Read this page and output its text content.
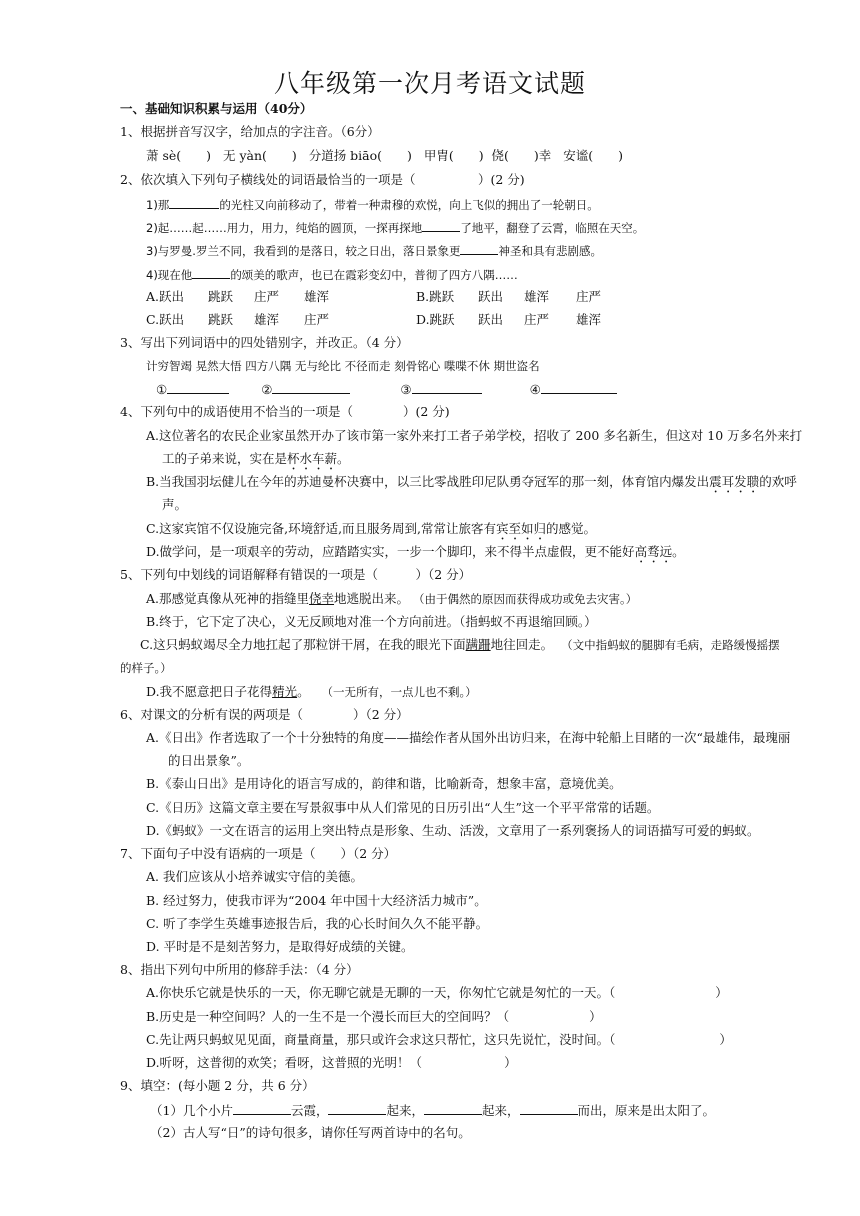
八年级第一次月考语文试题
一、基础知识积累与运用（40分）
1、根据拼音写汉字，给加点的字注音。（6分）
萧 sè(　　) 无 yàn(　　) 分道扬 biāo(　　) 甲胄(　　) 侥(　　)幸 安谧(　　)
2、依次填入下列句子横线处的词语最恰当的一项是（　　　　　）(2 分)
1)那	的光柱又向前移动了，带着一种肃穆的欢悦，向上飞似的拥出了一轮朝日。
2)起……起……用力，用力，纯焰的圆顶，一探再探地	了地平，翻登了云霄，临照在天空。
3)与罗曼.罗兰不同，我看到的是落日，较之日出，落日景象更	神圣和具有悲剧感。
4)现在他	的颂美的歌声，也已在霞彩变幻中，普彻了四方八隅……
A.跃出 跳跃 庄严 雄浑	B.跳跃 跃出 雄浑 庄严
C.跃出 跳跃 雄浑 庄严	D.跳跃 跃出 庄严 雄浑
3、写出下列词语中的四处错别字，并改正。（4 分）
计穷智竭 晃然大悟 四方八隅 无与纶比 不径而走 刻骨铭心 喋喋不休 期世盗名
①	②	③	④
4、下列句中的成语使用不恰当的一项是（　　　　）(2 分)
A.这位著名的农民企业家虽然开办了该市第一家外来打工者子弟学校，招收了 200 多名新生，但这对 10 万多名外来打
工的子弟来说，实在是杯水车薪。
B.当我国羽坛健儿在今年的苏迪曼杯决赛中，以三比零战胜印尼队勇夺冠军的那一刻，体育馆内爆发出震耳发聩的欢呼
声。
C.这家宾馆不仅设施完备,环境舒适,而且服务周到,常常让旅客有宾至如归的感觉。
D.做学问，是一项艰辛的劳动，应踏踏实实，一步一个脚印，来不得半点虚假，更不能好高骛远。
5、下列句中划线的词语解释有错误的一项是（　　　）（2 分）
A.那感觉真像从死神的指缝里侥幸地逃脱出来。 （由于偶然的原因而获得成功或免去灾害。）
B.终于，它下定了决心，义无反顾地对准一个方向前进。（指蚂蚁不再退缩回顾。）
C.这只蚂蚁竭尽全力地扛起了那粒饼干屑，在我的眼光下面蹒跚地往回走。 （文中指蚂蚁的腿脚有毛病，走路缓慢摇摆
的样子。）
D.我不愿意把日子花得精光。 （一无所有，一点儿也不剩。）
6、对课文的分析有误的两项是（　　　　）（2 分）
A.《日出》作者选取了一个十分独特的角度——描绘作者从国外出访归来，在海中轮船上目睹的一次“最雄伟，最瑰丽
的日出景象”。
B.《泰山日出》是用诗化的语言写成的，韵律和谐，比喻新奇，想象丰富，意境优美。
C.《日历》这篇文章主要在写景叙事中从人们常见的日历引出“人生”这一个平平常常的话题。
D.《蚂蚁》一文在语言的运用上突出特点是形象、生动、活泼，文章用了一系列褒扬人的词语描写可爱的蚂蚁。
7、下面句子中没有语病的一项是（　　）（2 分）
A. 我们应该从小培养诚实守信的美德。
B. 经过努力，使我市评为“2004 年中国十大经济活力城市”。
C. 听了李学生英雄事迹报告后，我的心长时间久久不能平静。
D. 平时是不是刻苦努力，是取得好成绩的关键。
8、指出下列句中所用的修辞手法：（4 分）
A.你快乐它就是快乐的一天，你无聊它就是无聊的一天，你匆忙它就是匆忙的一天。（	）
B.历史是一种空间吗？人的一生不是一个漫长而巨大的空间吗？（	）
C.先让两只蚂蚁见见面，商量商量，那只或许会求这只帮忙，这只先说忙，没时间。（	）
D.听呀，这普彻的欢笑；看呀，这普照的光明！（	）
9、填空：(每小题 2 分，共 6 分）
（1）几个小片	云霞，	起来，	起来，	而出，原来是出太阳了。
（2）古人写“日”的诗句很多，请你任写两首诗中的名句。
